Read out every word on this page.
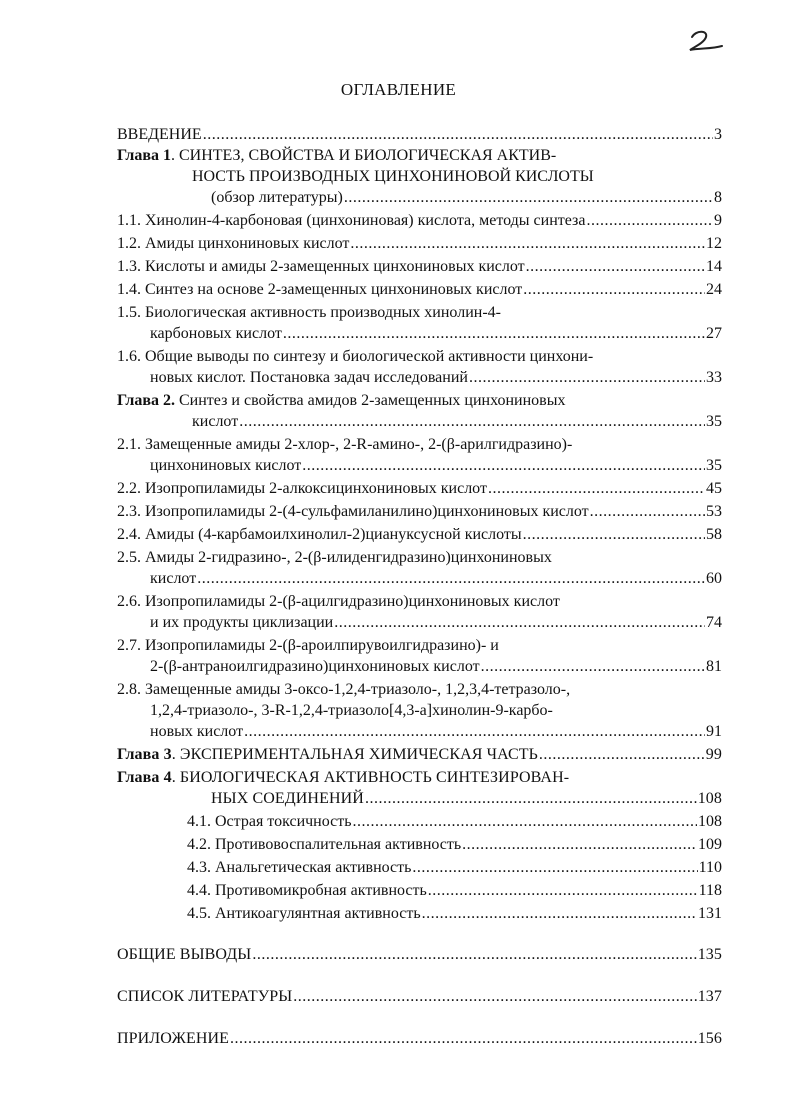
ОГЛАВЛЕНИЕ
ВВЕДЕНИЕ .....	3
Глава 1. СИНТЕЗ, СВОЙСТВА И БИОЛОГИЧЕСКАЯ АКТИВ-
НОСТЬ ПРОИЗВОДНЫХ ЦИНХОНИНОВОЙ КИСЛОТЫ
(обзор литературы) .....	8
1.1. Хинолин-4-карбоновая (цинхониновая) кислота, методы синтеза .....	9
1.2. Амиды цинхониновых кислот .....	12
1.3. Кислоты и амиды 2-замещенных цинхониновых кислот .....	14
1.4. Синтез на основе 2-замещенных цинхониновых кислот .....	24
1.5. Биологическая активность производных хинолин-4-
карбоновых кислот .....	27
1.6. Общие выводы по синтезу и биологической активности цинхони-
новых кислот. Постановка задач исследований .....	33
Глава 2. Синтез и свойства амидов 2-замещенных цинхониновых
кислот .....	35
2.1. Замещенные амиды 2-хлор-, 2-R-амино-, 2-(β-арилгидразино)-
цинхониновых кислот .....	35
2.2. Изопропиламиды 2-алкоксицинхониновых кислот .....	45
2.3. Изопропиламиды 2-(4-сульфамиланилино)цинхониновых кислот .....	53
2.4. Амиды (4-карбамоилхинолил-2)циануксусной кислоты .....	58
2.5. Амиды 2-гидразино-, 2-(β-илиденгидразино)цинхониновых
кислот .....	60
2.6. Изопропиламиды 2-(β-ацилгидразино)цинхониновых кислот
и их продукты циклизации .....	74
2.7. Изопропиламиды 2-(β-ароилпирувоилгидразино)- и
2-(β-антраноилгидразино)цинхониновых кислот .....	81
2.8. Замещенные амиды 3-оксо-1,2,4-триазоло-, 1,2,3,4-тетразоло-,
1,2,4-триазоло-, 3-R-1,2,4-триазоло[4,3-a]хинолин-9-карбо-
новых кислот .....	91
Глава 3. ЭКСПЕРИМЕНТАЛЬНАЯ ХИМИЧЕСКАЯ ЧАСТЬ .....	99
Глава 4. БИОЛОГИЧЕСКАЯ АКТИВНОСТЬ СИНТЕЗИРОВАН-
НЫХ СОЕДИНЕНИЙ .....	108
4.1. Острая токсичность .....	108
4.2. Противовоспалительная активность .....	109
4.3. Анальгетическая активность .....	110
4.4. Противомикробная активность .....	118
4.5. Антикоагулянтная активность .....	131
ОБЩИЕ ВЫВОДЫ .....	135
СПИСОК ЛИТЕРАТУРЫ .....	137
ПРИЛОЖЕНИЕ .....	156
